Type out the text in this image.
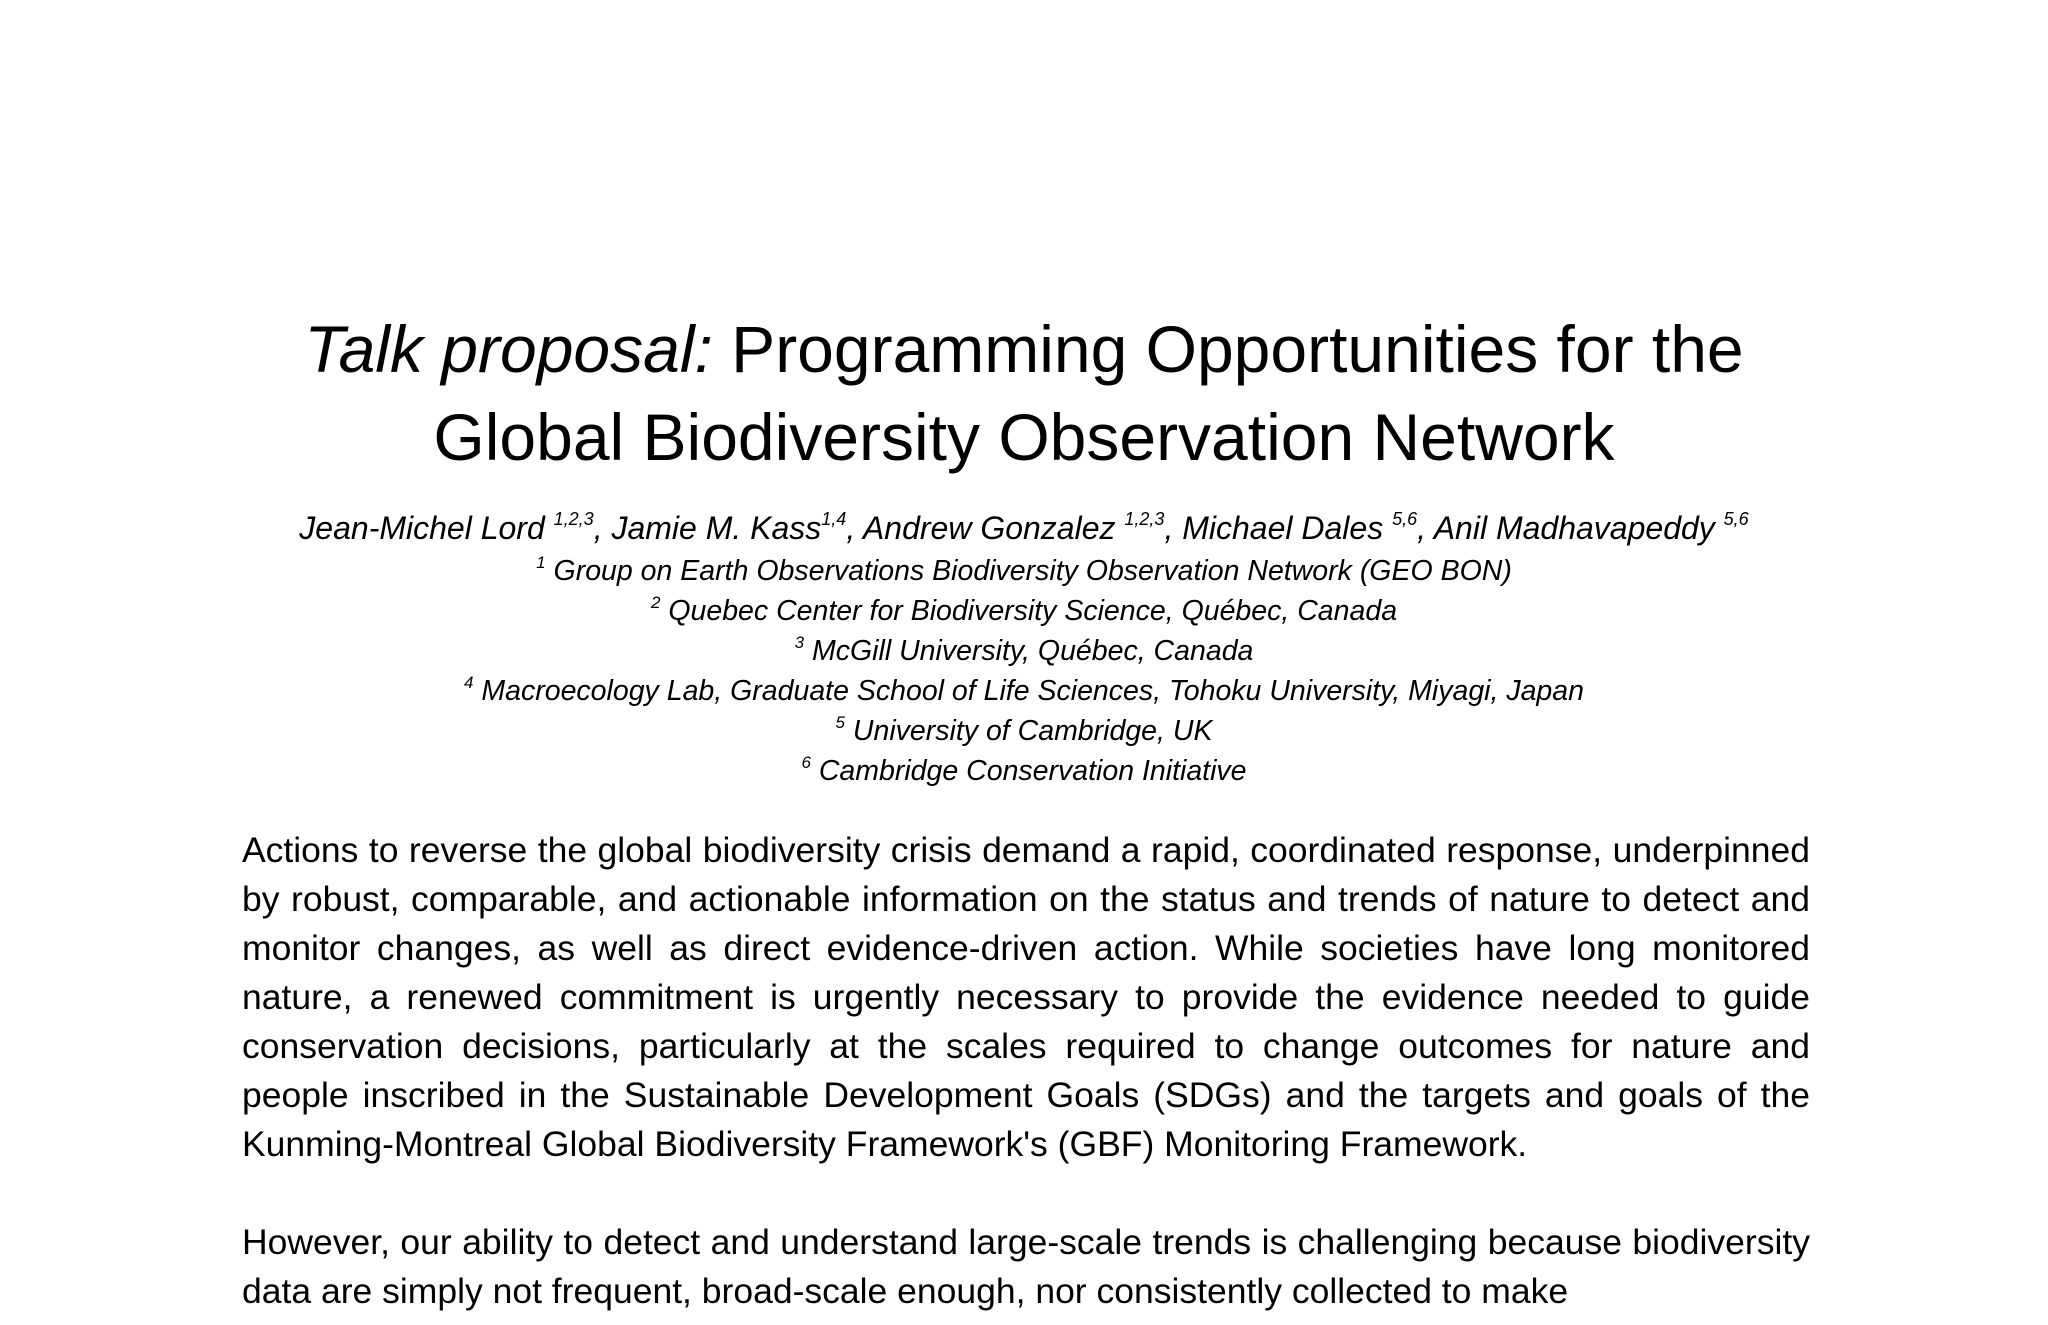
Talk proposal: Programming Opportunities for the
Global Biodiversity Observation Network
Jean-Michel Lord $^{1,2,3}$, Jamie M. Kass$^{1,4}$, Andrew Gonzalez $^{1,2,3}$, Michael Dales $^{5,6}$, Anil Madhavapeddy $^{5,6}$
$^1$ Group on Earth Observations Biodiversity Observation Network (GEO BON)
$^2$ Quebec Center for Biodiversity Science, Québec, Canada
$^3$ McGill University, Québec, Canada
$^4$ Macroecology Lab, Graduate School of Life Sciences, Tohoku University, Miyagi, Japan
$^5$ University of Cambridge, UK
$^6$ Cambridge Conservation Initiative

Actions to reverse the global biodiversity crisis demand a rapid, coordinated response, underpinned by robust, comparable, and actionable information on the status and trends of nature to detect and monitor changes, as well as direct evidence-driven action. While societies have long monitored nature, a renewed commitment is urgently necessary to provide the evidence needed to guide conservation decisions, particularly at the scales required to change outcomes for nature and people inscribed in the Sustainable Development Goals (SDGs) and the targets and goals of the Kunming-Montreal Global Biodiversity Framework's (GBF) Monitoring Framework.

However, our ability to detect and understand large-scale trends is challenging because biodiversity data are simply not frequent, broad-scale enough, nor consistently collected to make
